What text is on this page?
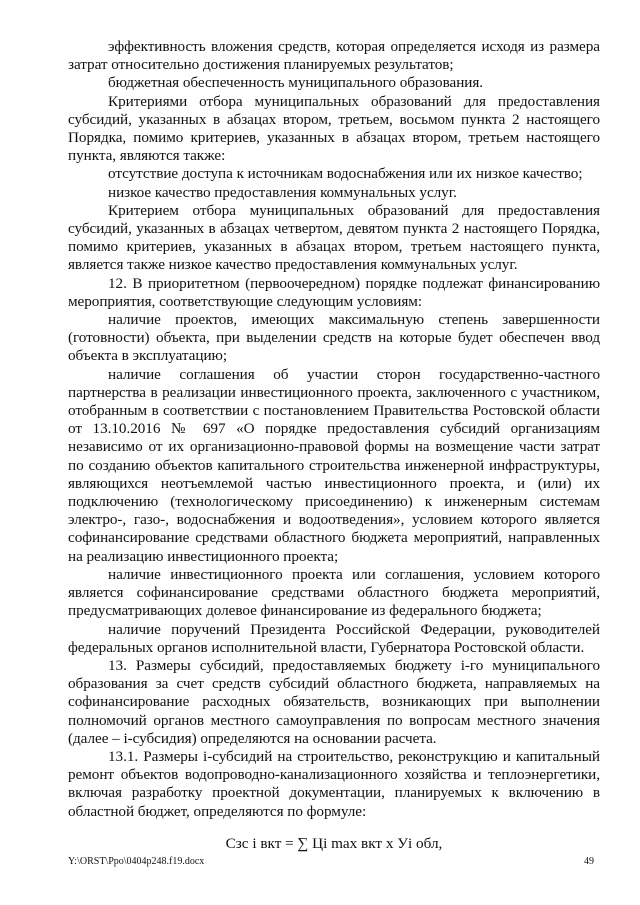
эффективность вложения средств, которая определяется исходя из размера затрат относительно достижения планируемых результатов;

бюджетная обеспеченность муниципального образования.

Критериями отбора муниципальных образований для предоставления субсидий, указанных в абзацах втором, третьем, восьмом пункта 2 настоящего Порядка, помимо критериев, указанных в абзацах втором, третьем настоящего пункта, являются также:

отсутствие доступа к источникам водоснабжения или их низкое качество;

низкое качество предоставления коммунальных услуг.

Критерием отбора муниципальных образований для предоставления субсидий, указанных в абзацах четвертом, девятом пункта 2 настоящего Порядка, помимо критериев, указанных в абзацах втором, третьем настоящего пункта, является также низкое качество предоставления коммунальных услуг.

12. В приоритетном (первоочередном) порядке подлежат финансированию мероприятия, соответствующие следующим условиям:

наличие проектов, имеющих максимальную степень завершенности (готовности) объекта, при выделении средств на которые будет обеспечен ввод объекта в эксплуатацию;

наличие соглашения об участии сторон государственно-частного партнерства в реализации инвестиционного проекта, заключенного с участником, отобранным в соответствии с постановлением Правительства Ростовской области от 13.10.2016 № 697 «О порядке предоставления субсидий организациям независимо от их организационно-правовой формы на возмещение части затрат по созданию объектов капитального строительства инженерной инфраструктуры, являющихся неотъемлемой частью инвестиционного проекта, и (или) их подключению (технологическому присоединению) к инженерным системам электро-, газо-, водоснабжения и водоотведения», условием которого является софинансирование средствами областного бюджета мероприятий, направленных на реализацию инвестиционного проекта;

наличие инвестиционного проекта или соглашения, условием которого является софинансирование средствами областного бюджета мероприятий, предусматривающих долевое финансирование из федерального бюджета;

наличие поручений Президента Российской Федерации, руководителей федеральных органов исполнительной власти, Губернатора Ростовской области.

13. Размеры субсидий, предоставляемых бюджету i-го муниципального образования за счет средств субсидий областного бюджета, направляемых на софинансирование расходных обязательств, возникающих при выполнении полномочий органов местного самоуправления по вопросам местного значения (далее – i-субсидия) определяются на основании расчета.

13.1. Размеры i-субсидий на строительство, реконструкцию и капитальный ремонт объектов водопроводно-канализационного хозяйства и теплоэнергетики, включая разработку проектной документации, планируемых к включению в областной бюджет, определяются по формуле:

Сзс i вкт = ∑ Цi max вкт х Уi обл,

Y:\ORST\Ppo\0404p248.f19.docx	49
